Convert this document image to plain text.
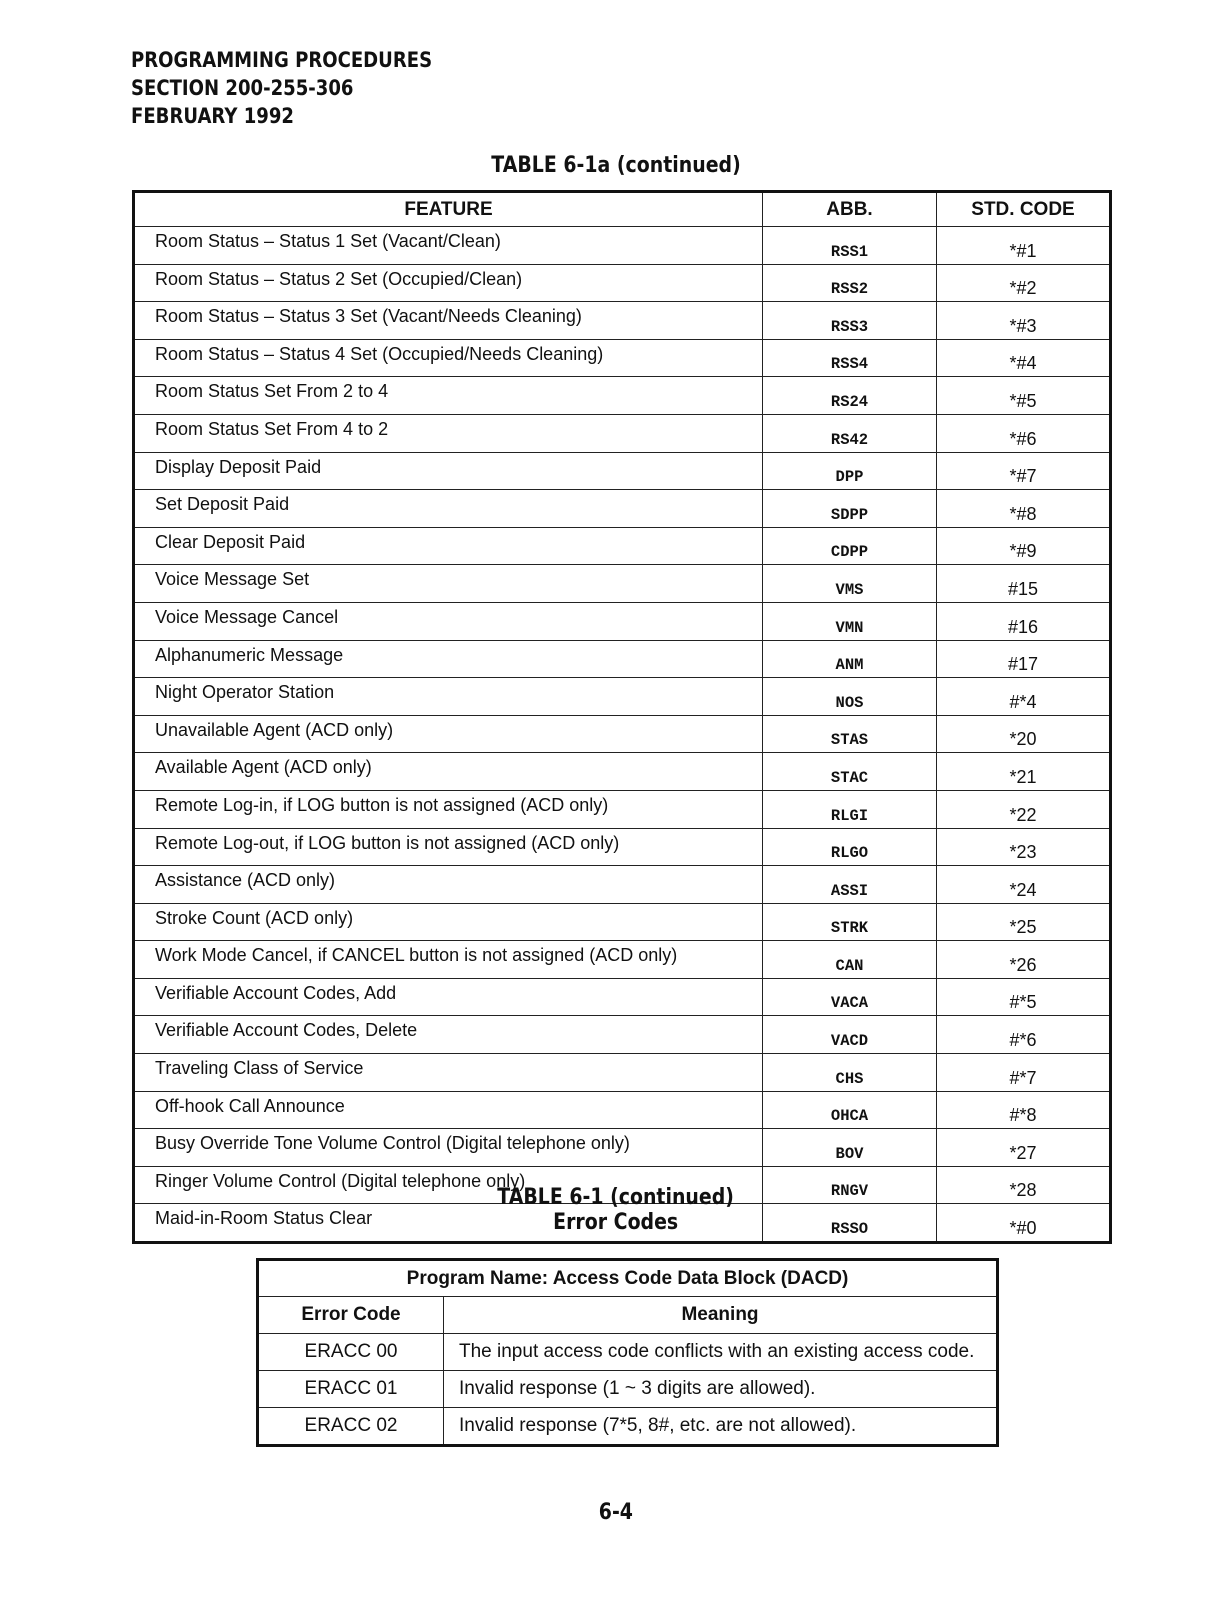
PROGRAMMING PROCEDURES
SECTION 200-255-306
FEBRUARY 1992
TABLE 6-1a (continued)
FEATURE	ABB.	STD. CODE
Room Status – Status 1 Set (Vacant/Clean)	RSS1	*#1
Room Status – Status 2 Set (Occupied/Clean)	RSS2	*#2
Room Status – Status 3 Set (Vacant/Needs Cleaning)	RSS3	*#3
Room Status – Status 4 Set (Occupied/Needs Cleaning)	RSS4	*#4
Room Status Set From 2 to 4	RS24	*#5
Room Status Set From 4 to 2	RS42	*#6
Display Deposit Paid	DPP	*#7
Set Deposit Paid	SDPP	*#8
Clear Deposit Paid	CDPP	*#9
Voice Message Set	VMS	#15
Voice Message Cancel	VMN	#16
Alphanumeric Message	ANM	#17
Night Operator Station	NOS	#*4
Unavailable Agent (ACD only)	STAS	*20
Available Agent (ACD only)	STAC	*21
Remote Log-in, if LOG button is not assigned (ACD only)	RLGI	*22
Remote Log-out, if LOG button is not assigned (ACD only)	RLGO	*23
Assistance (ACD only)	ASSI	*24
Stroke Count (ACD only)	STRK	*25
Work Mode Cancel, if CANCEL button is not assigned (ACD only)	CAN	*26
Verifiable Account Codes, Add	VACA	#*5
Verifiable Account Codes, Delete	VACD	#*6
Traveling Class of Service	CHS	#*7
Off-hook Call Announce	OHCA	#*8
Busy Override Tone Volume Control (Digital telephone only)	BOV	*27
Ringer Volume Control (Digital telephone only)	RNGV	*28
Maid-in-Room Status Clear	RSSO	*#0
TABLE 6-1 (continued)
Error Codes
Program Name: Access Code Data Block (DACD)	
Error Code	Meaning
ERACC 00	The input access code conflicts with an existing access code.
ERACC 01	Invalid response (1 ~ 3 digits are allowed).
ERACC 02	Invalid response (7*5, 8#, etc. are not allowed).
6-4
